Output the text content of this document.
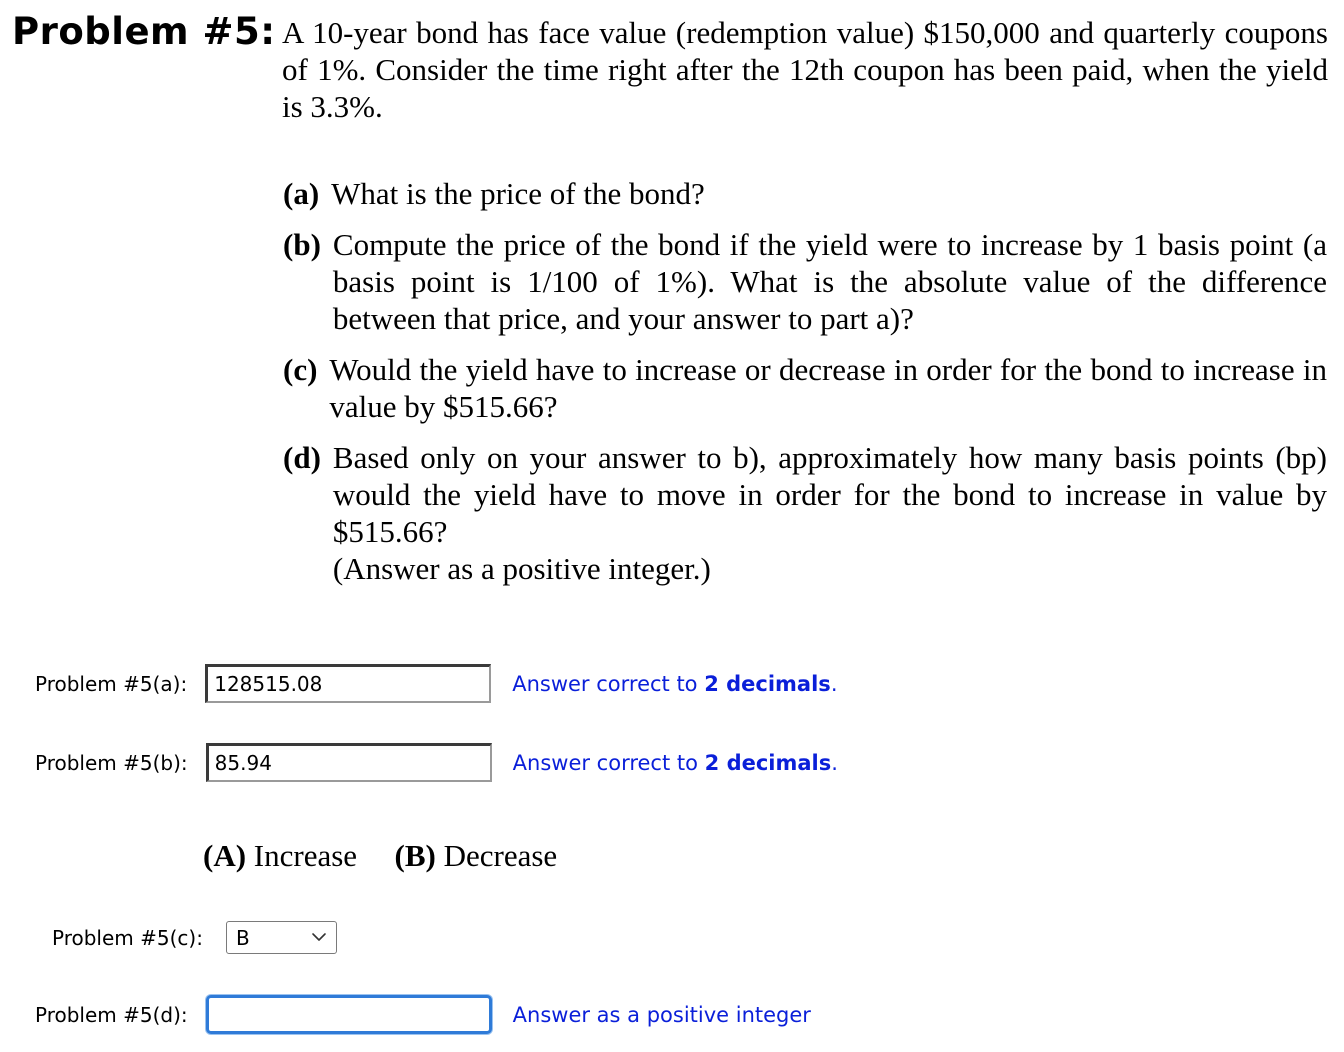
Problem #5: A 10-year bond has face value (redemption value) $150,000 and quarterly coupons of 1%. Consider the time right after the 12th coupon has been paid, when the yield is 3.3%.
(a) What is the price of the bond?
(b) Compute the price of the bond if the yield were to increase by 1 basis point (a basis point is 1/100 of 1%). What is the absolute value of the difference between that price, and your answer to part a)?
(c) Would the yield have to increase or decrease in order for the bond to increase in value by $515.66?
(d) Based only on your answer to b), approximately how many basis points (bp) would the yield have to move in order for the bond to increase in value by $515.66?
(Answer as a positive integer.)
Problem #5(a):
128515.08	Answer correct to 2 decimals.
Problem #5(b):
85.94	Answer correct to 2 decimals.
(A) Increase (B) Decrease
Problem #5(c): B
Problem #5(d):	Answer as a positive integer
